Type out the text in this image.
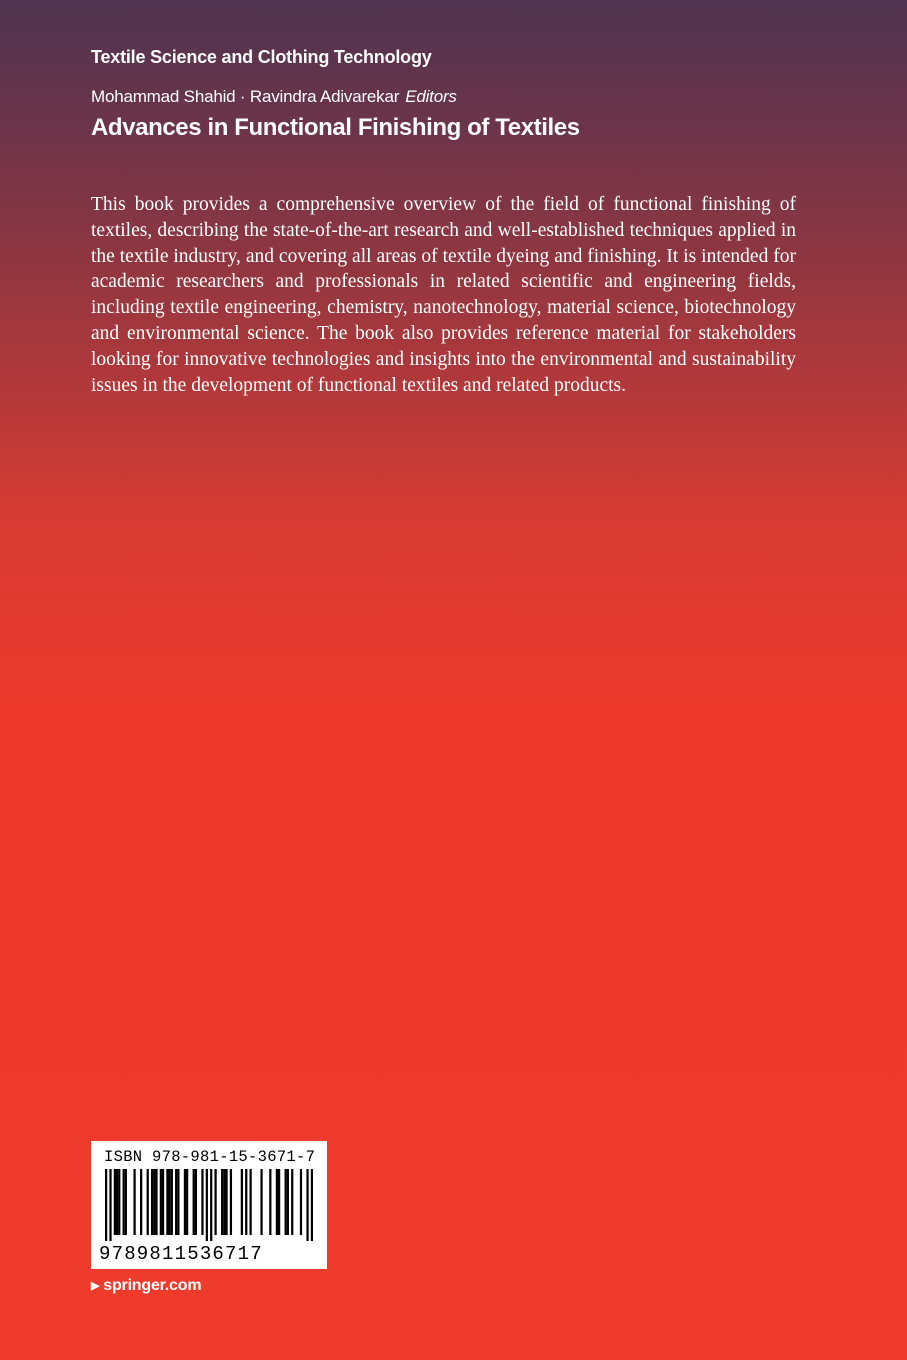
Textile Science and Clothing Technology
Mohammad Shahid · Ravindra Adivarekar Editors
Advances in Functional Finishing of Textiles

This book provides a comprehensive overview of the field of functional finishing of textiles, describing the state-of-the-art research and well-established techniques applied in the textile industry, and covering all areas of textile dyeing and finishing. It is intended for academic researchers and professionals in related scientific and engineering fields, including textile engineering, chemistry, nanotechnology, material science, biotechnology and environmental science. The book also provides reference material for stakeholders looking for innovative technologies and insights into the environmental and sustainability issues in the development of functional textiles and related products.

ISBN 978-981-15-3671-7
9789811536717
▶ springer.com
